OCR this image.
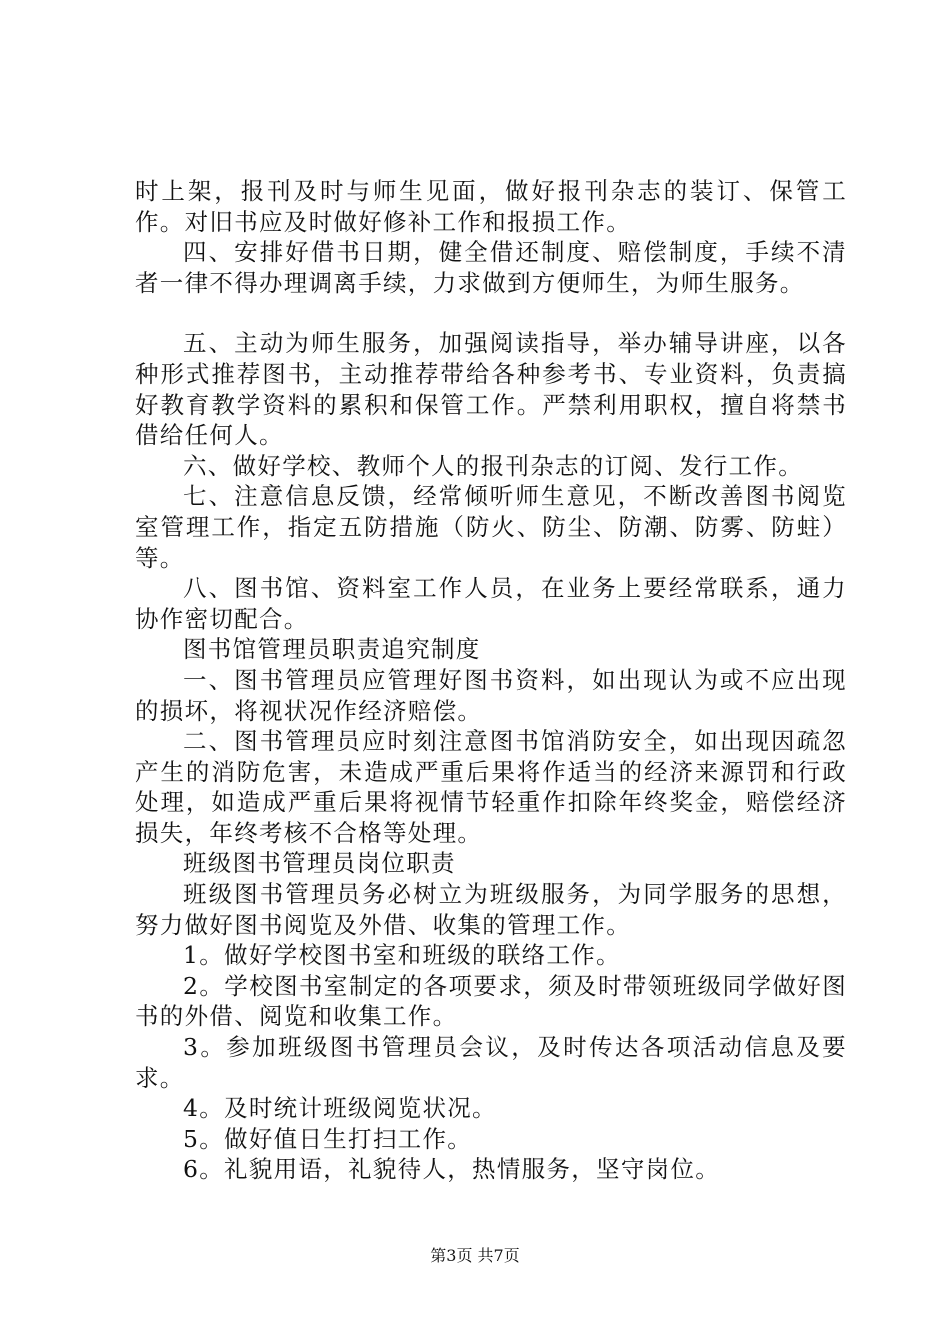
时上架，报刊及时与师生见面，做好报刊杂志的装订、保管工作。对旧书应及时做好修补工作和报损工作。

四、安排好借书日期，健全借还制度、赔偿制度，手续不清者一律不得办理调离手续，力求做到方便师生，为师生服务。

五、主动为师生服务，加强阅读指导，举办辅导讲座，以各种形式推荐图书，主动推荐带给各种参考书、专业资料，负责搞好教育教学资料的累积和保管工作。严禁利用职权，擅自将禁书借给任何人。

六、做好学校、教师个人的报刊杂志的订阅、发行工作。

七、注意信息反馈，经常倾听师生意见，不断改善图书阅览室管理工作，指定五防措施（防火、防尘、防潮、防雾、防蛀）等。

八、图书馆、资料室工作人员，在业务上要经常联系，通力协作密切配合。

图书馆管理员职责追究制度

一、图书管理员应管理好图书资料，如出现认为或不应出现的损坏，将视状况作经济赔偿。

二、图书管理员应时刻注意图书馆消防安全，如出现因疏忽产生的消防危害，未造成严重后果将作适当的经济来源罚和行政处理，如造成严重后果将视情节轻重作扣除年终奖金，赔偿经济损失，年终考核不合格等处理。

班级图书管理员岗位职责

班级图书管理员务必树立为班级服务，为同学服务的思想，努力做好图书阅览及外借、收集的管理工作。

1。做好学校图书室和班级的联络工作。

2。学校图书室制定的各项要求，须及时带领班级同学做好图书的外借、阅览和收集工作。

3。参加班级图书管理员会议，及时传达各项活动信息及要求。

4。及时统计班级阅览状况。

5。做好值日生打扫工作。

6。礼貌用语，礼貌待人，热情服务，坚守岗位。

第3页 共7页
